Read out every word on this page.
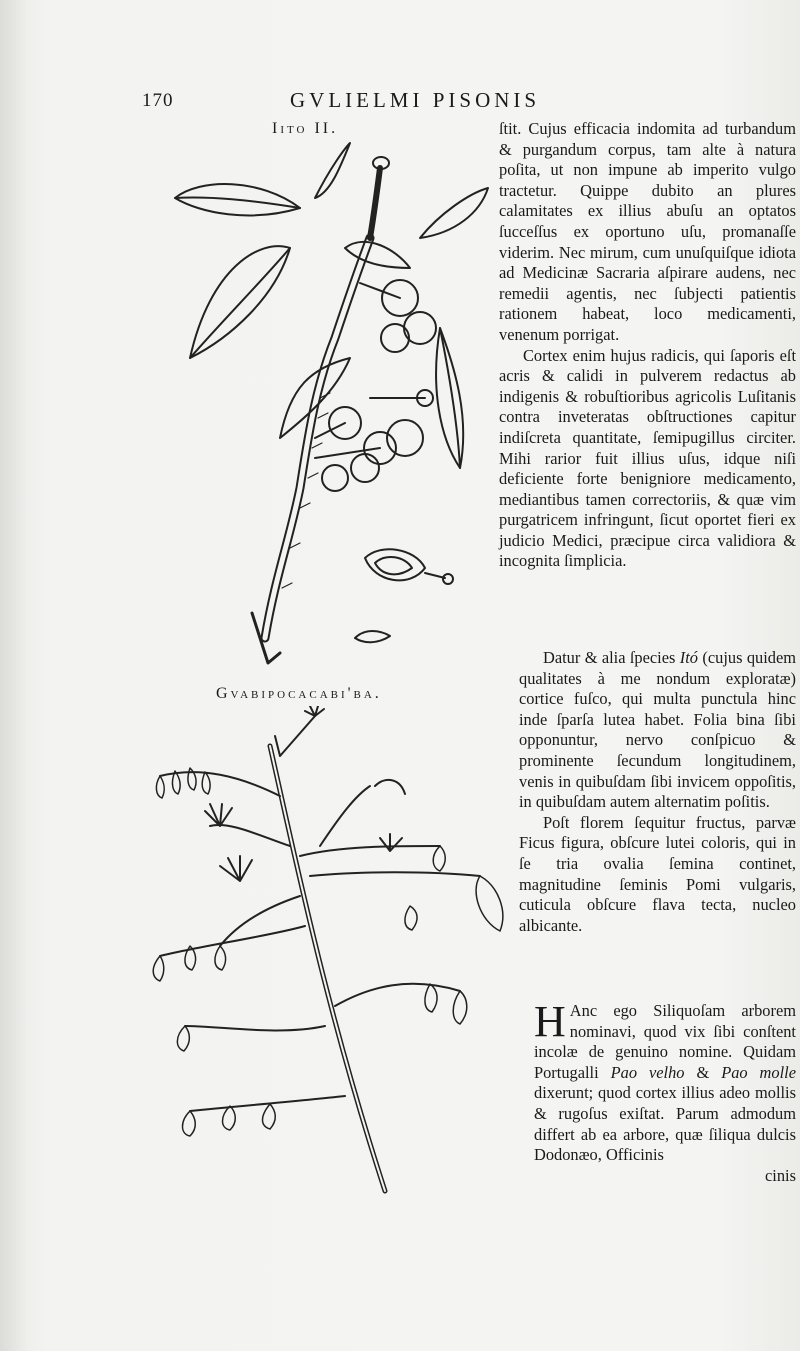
170	GVLIELMI PISONIS
Iito II.
Gvabipocacabi'ba.

ſtit. Cujus efficacia indomita ad turbandum & purgandum corpus, tam alte à natura poſita, ut non impune ab imperito vulgo tractetur. Quippe dubito an plures calamitates ex illius abuſu an optatos ſucceſſus ex oportuno uſu, promanaſſe viderim. Nec mirum, cum unuſquiſque idiota ad Medicinæ Sacraria aſpirare audens, nec remedii agentis, nec ſubjecti patientis rationem habeat, loco medicamenti, venenum porrigat.

Cortex enim hujus radicis, qui ſaporis eſt acris & calidi in pulverem redactus ab indigenis & robuſtioribus agricolis Luſitanis contra inveteratas obſtructiones capitur indiſcreta quantitate, ſemipugillus circiter. Mihi rarior fuit illius uſus, idque niſi deficiente forte benigniore medicamento, mediantibus tamen correctoriis, & quæ vim purgatricem infringunt, ſicut oportet fieri ex judicio Medici, præcipue circa validiora & incognita ſimplicia.

Datur & alia ſpecies Itó (cujus quidem qualitates à me nondum exploratæ) cortice fuſco, qui multa punctula hinc inde ſparſa lutea habet. Folia bina ſibi opponuntur, nervo conſpicuo & prominente ſecundum longitudinem, venis in quibuſdam ſibi invicem oppoſitis, in quibuſdam autem alternatim poſitis.

Poſt florem ſequitur fructus, parvæ Ficus figura, obſcure lutei coloris, qui in ſe tria ovalia ſemina continet, magnitudine ſeminis Pomi vulgaris, cuticula obſcure flava tecta, nucleo albicante.

H Anc ego Siliquoſam arborem nominavi, quod vix ſibi conſtent incolæ de genuino nomine. Quidam Portugalli Pao velho & Pao molle dixerunt; quod cortex illius adeo mollis & rugoſus exiſtat. Parum admodum differt ab ea arbore, quæ ſiliqua dulcis Dodonæo, Officinis

cinis
